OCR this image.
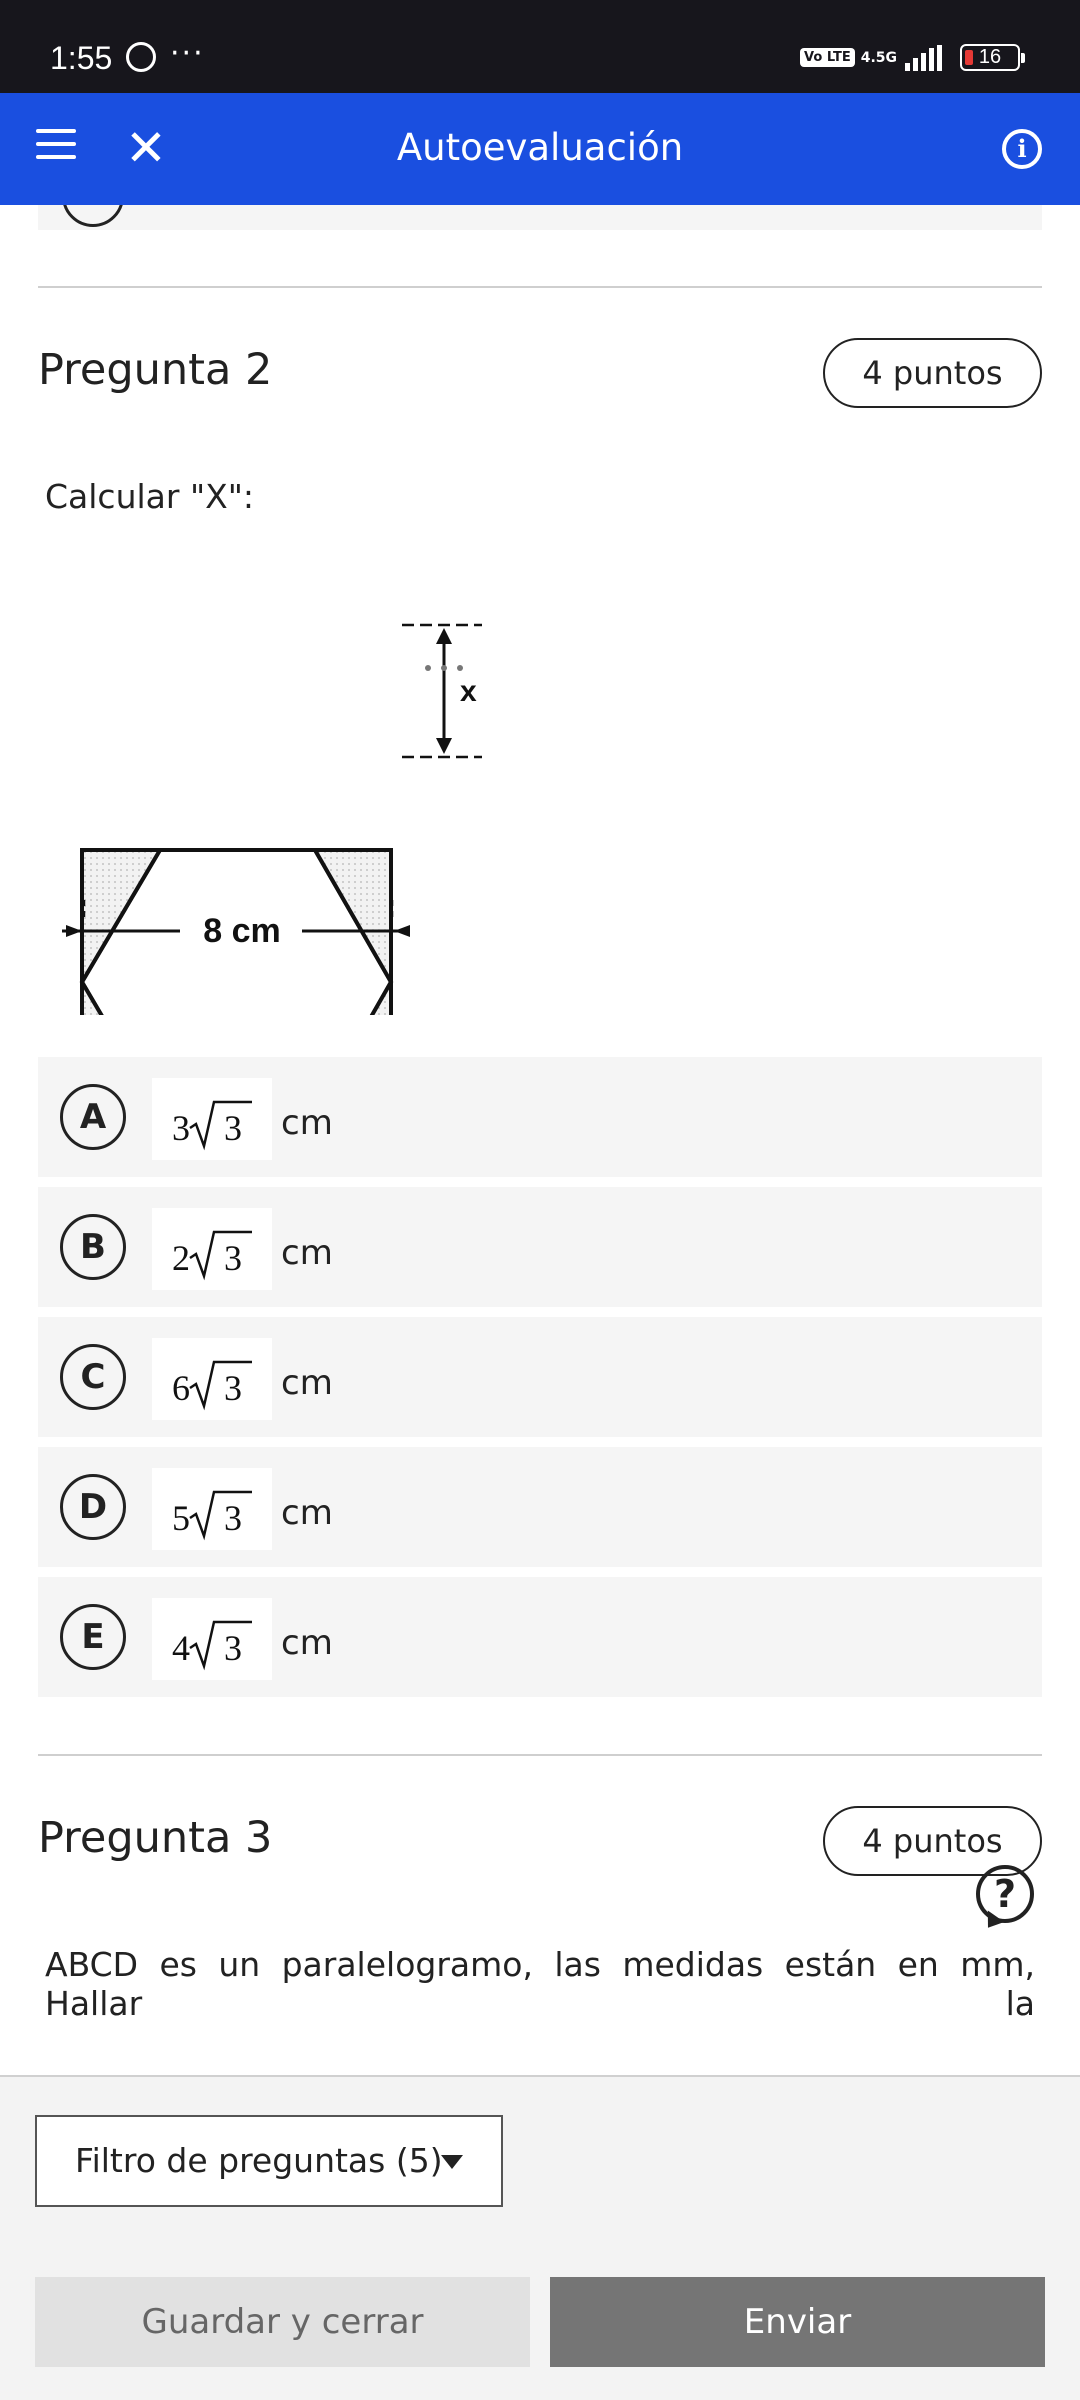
1:55 ···	Vo LTE 4.5G	16
✕	Autoevaluación	i
Pregunta 2	4 puntos
Calcular "X":
x
8 cm
A	3 3 cm
B	2 3 cm
C	6 3 cm
D	5 3 cm
E	4 3 cm
Pregunta 3	4 puntos
ABCD es un paralelogramo, las medidas están en mm, Hallar la
?
Filtro de preguntas (5)
Guardar y cerrar	Enviar
